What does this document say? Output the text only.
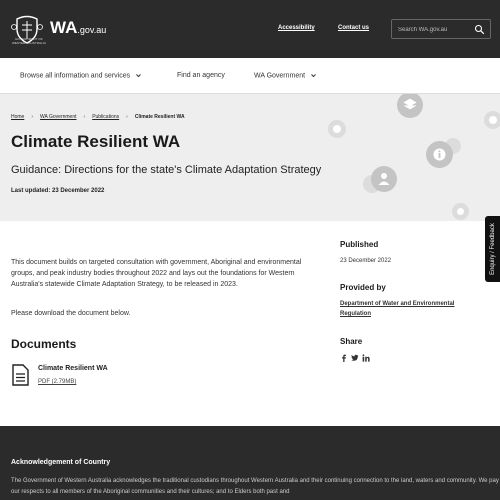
GOVERNMENT OF WESTERN AUSTRALIA
WA.gov.au	Accessibility	Contact us
Search WA.gov.au
Browse all information and services	Find an agency	WA Government
Home › WA Government › Publications › Climate Resilient WA
Climate Resilient WA
Guidance: Directions for the state's Climate Adaptation Strategy
Last updated: 23 December 2022

This document builds on targeted consultation with government, Aboriginal and environmental groups, and peak industry bodies throughout 2022 and lays out the foundations for Western Australia's statewide Climate Adaptation Strategy, to be released in 2023.

Please download the document below.

Documents
Climate Resilient WA
PDF (2.79MB)
Published
23 December 2022
Provided by
Department of Water and Environmental Regulation
Share
Enquiry / Feedback
Acknowledgement of Country

The Government of Western Australia acknowledges the traditional custodians throughout Western Australia and their continuing connection to the land, waters and community. We pay our respects to all members of the Aboriginal communities and their cultures; and to Elders both past and
